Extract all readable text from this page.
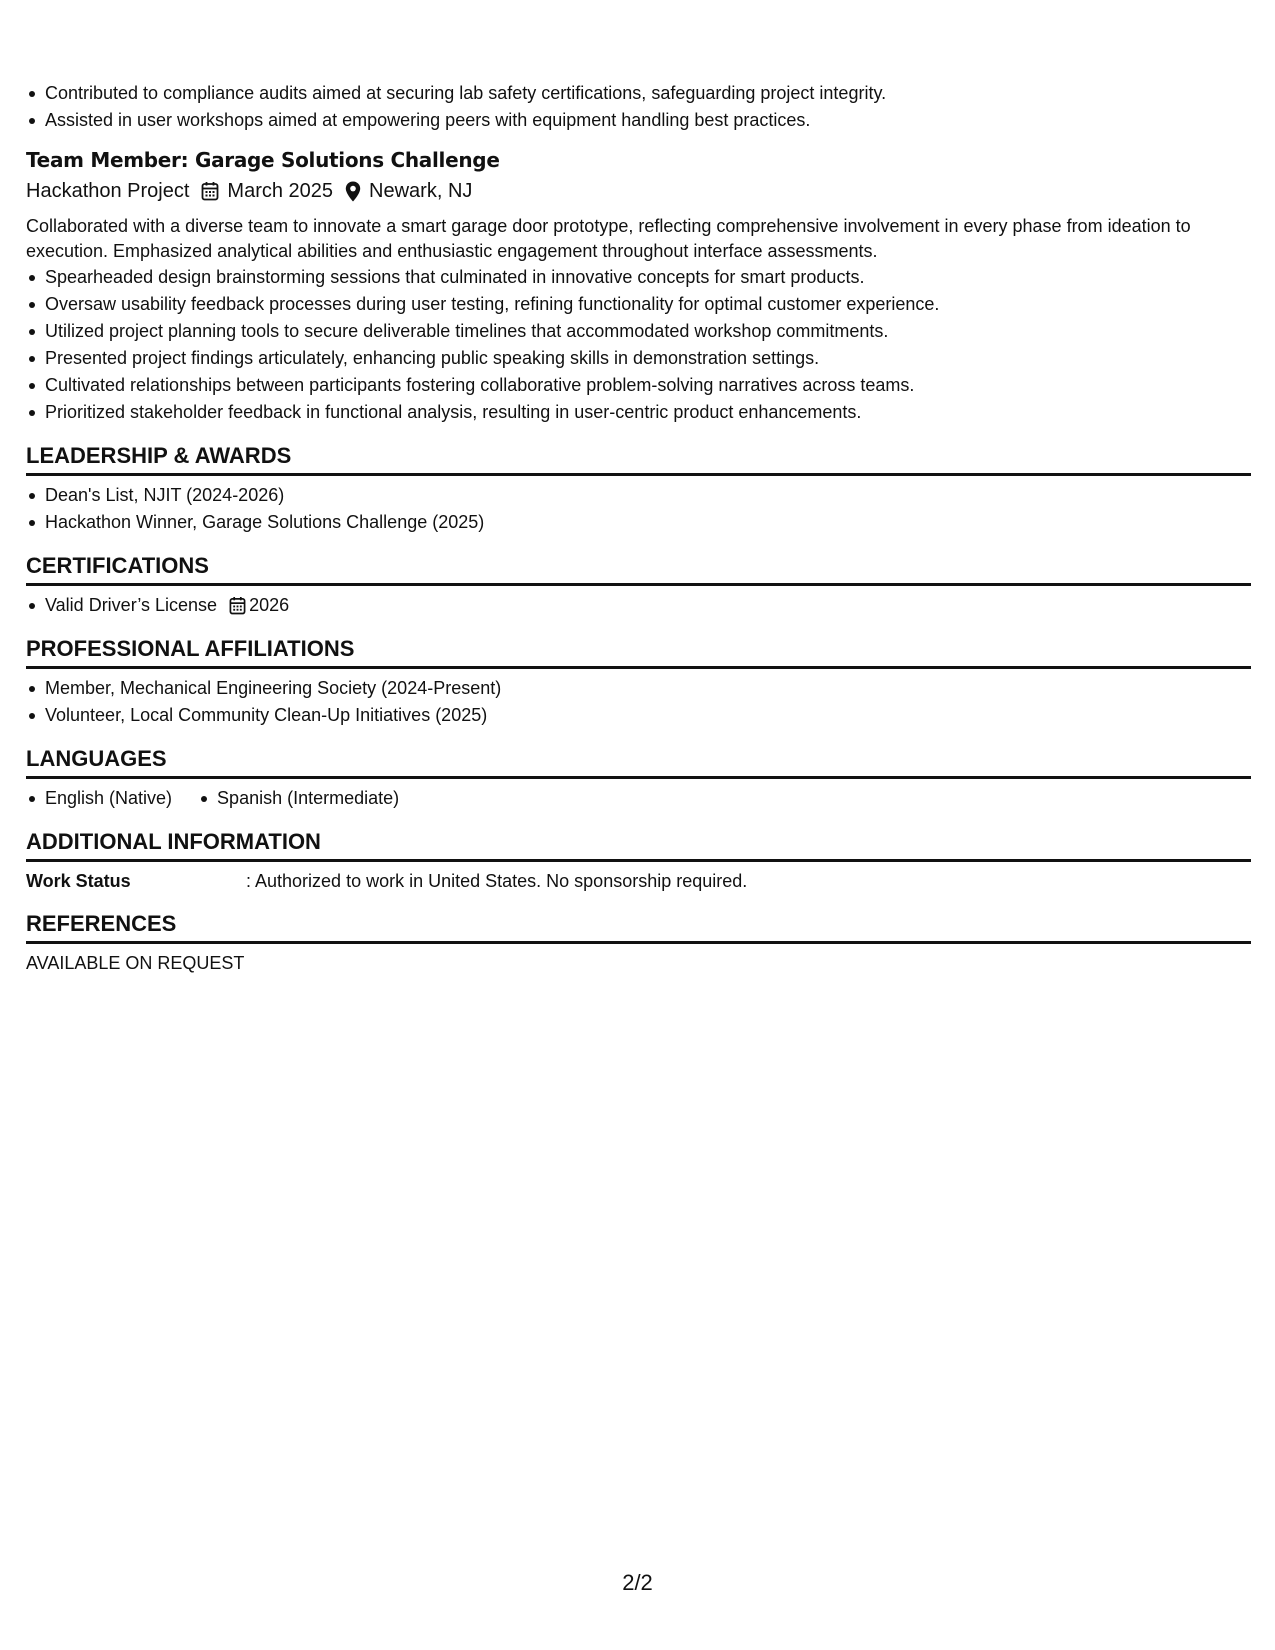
Contributed to compliance audits aimed at securing lab safety certifications, safeguarding project integrity.
Assisted in user workshops aimed at empowering peers with equipment handling best practices.
Team Member: Garage Solutions Challenge
Hackathon Project March 2025 Newark, NJ

Collaborated with a diverse team to innovate a smart garage door prototype, reflecting comprehensive involvement in every phase from ideation to execution. Emphasized analytical abilities and enthusiastic engagement throughout interface assessments.

Spearheaded design brainstorming sessions that culminated in innovative concepts for smart products.
Oversaw usability feedback processes during user testing, refining functionality for optimal customer experience.
Utilized project planning tools to secure deliverable timelines that accommodated workshop commitments.
Presented project findings articulately, enhancing public speaking skills in demonstration settings.
Cultivated relationships between participants fostering collaborative problem-solving narratives across teams.
Prioritized stakeholder feedback in functional analysis, resulting in user-centric product enhancements.
LEADERSHIP & AWARDS
Dean's List, NJIT (2024-2026)
Hackathon Winner, Garage Solutions Challenge (2025)
CERTIFICATIONS
Valid Driver’s License 2026
PROFESSIONAL AFFILIATIONS
Member, Mechanical Engineering Society (2024-Present)
Volunteer, Local Community Clean-Up Initiatives (2025)
LANGUAGES
English (Native)	Spanish (Intermediate)
ADDITIONAL INFORMATION
Work Status	: Authorized to work in United States. No sponsorship required.
REFERENCES
AVAILABLE ON REQUEST
2/2
